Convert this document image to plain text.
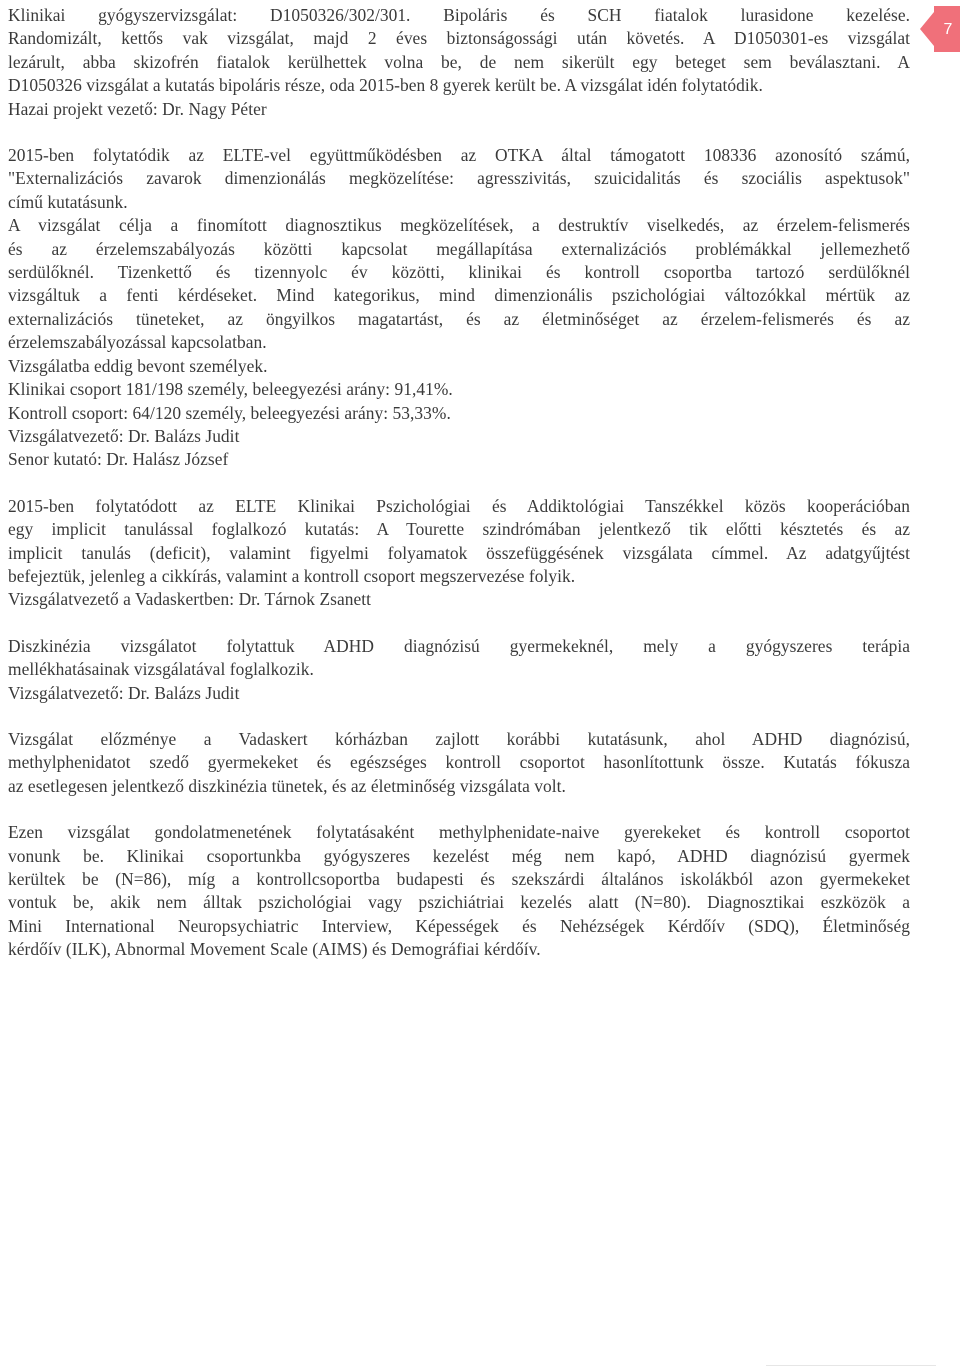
Klinikai gyógyszervizsgálat: D1050326/302/301. Bipoláris és SCH fiatalok lurasidone kezelése.
Randomizált, kettős vak vizsgálat, majd 2 éves biztonságossági után követés. A D1050301-es vizsgálat
lezárult, abba skizofrén fiatalok kerülhettek volna be, de nem sikerült egy beteget sem beválasztani. A
D1050326 vizsgálat a kutatás bipoláris része, oda 2015-ben 8 gyerek került be. A vizsgálat idén folytatódik.
Hazai projekt vezető: Dr. Nagy Péter
2015-ben folytatódik az ELTE-vel együttműködésben az OTKA által támogatott 108336 azonosító számú,
"Externalizációs zavarok dimenzionálás megközelítése: agresszivitás, szuicidalitás és szociális aspektusok"
című kutatásunk.
A vizsgálat célja a finomított diagnosztikus megközelítések, a destruktív viselkedés, az érzelem-felismerés
és az érzelemszabályozás közötti kapcsolat megállapítása externalizációs problémákkal jellemezhető
serdülőknél. Tizenkettő és tizennyolc év közötti, klinikai és kontroll csoportba tartozó serdülőknél
vizsgáltuk a fenti kérdéseket. Mind kategorikus, mind dimenzionális pszichológiai változókkal mértük az
externalizációs tüneteket, az öngyilkos magatartást, és az életminőséget az érzelem-felismerés és az
érzelemszabályozással kapcsolatban.
Vizsgálatba eddig bevont személyek.
Klinikai csoport 181/198 személy, beleegyezési arány: 91,41%.
Kontroll csoport: 64/120 személy, beleegyezési arány: 53,33%.
Vizsgálatvezető: Dr. Balázs Judit
Senor kutató: Dr. Halász József
2015-ben folytatódott az ELTE Klinikai Pszichológiai és Addiktológiai Tanszékkel közös kooperációban
egy implicit tanulással foglalkozó kutatás: A Tourette szindrómában jelentkező tik előtti késztetés és az
implicit tanulás (deficit), valamint figyelmi folyamatok összefüggésének vizsgálata címmel. Az adatgyűjtést
befejeztük, jelenleg a cikkírás, valamint a kontroll csoport megszervezése folyik.
Vizsgálatvezető a Vadaskertben: Dr. Tárnok Zsanett
Diszkinézia vizsgálatot folytattuk ADHD diagnózisú gyermekeknél, mely a gyógyszeres terápia
mellékhatásainak vizsgálatával foglalkozik.
Vizsgálatvezető: Dr. Balázs Judit
Vizsgálat előzménye a Vadaskert kórházban zajlott korábbi kutatásunk, ahol ADHD diagnózisú,
methylphenidatot szedő gyermekeket és egészséges kontroll csoportot hasonlítottunk össze. Kutatás fókusza
az esetlegesen jelentkező diszkinézia tünetek, és az életminőség vizsgálata volt.
Ezen vizsgálat gondolatmenetének folytatásaként methylphenidate-naive gyerekeket és kontroll csoportot
vonunk be. Klinikai csoportunkba gyógyszeres kezelést még nem kapó, ADHD diagnózisú gyermek
kerültek be (N=86), míg a kontrollcsoportba budapesti és szekszárdi általános iskolákból azon gyermekeket
vontuk be, akik nem álltak pszichológiai vagy pszichiátriai kezelés alatt (N=80). Diagnosztikai eszközök a
Mini International Neuropsychiatric Interview, Képességek és Nehézségek Kérdőív (SDQ), Életminőség
kérdőív (ILK), Abnormal Movement Scale (AIMS) és Demográfiai kérdőív.
7
